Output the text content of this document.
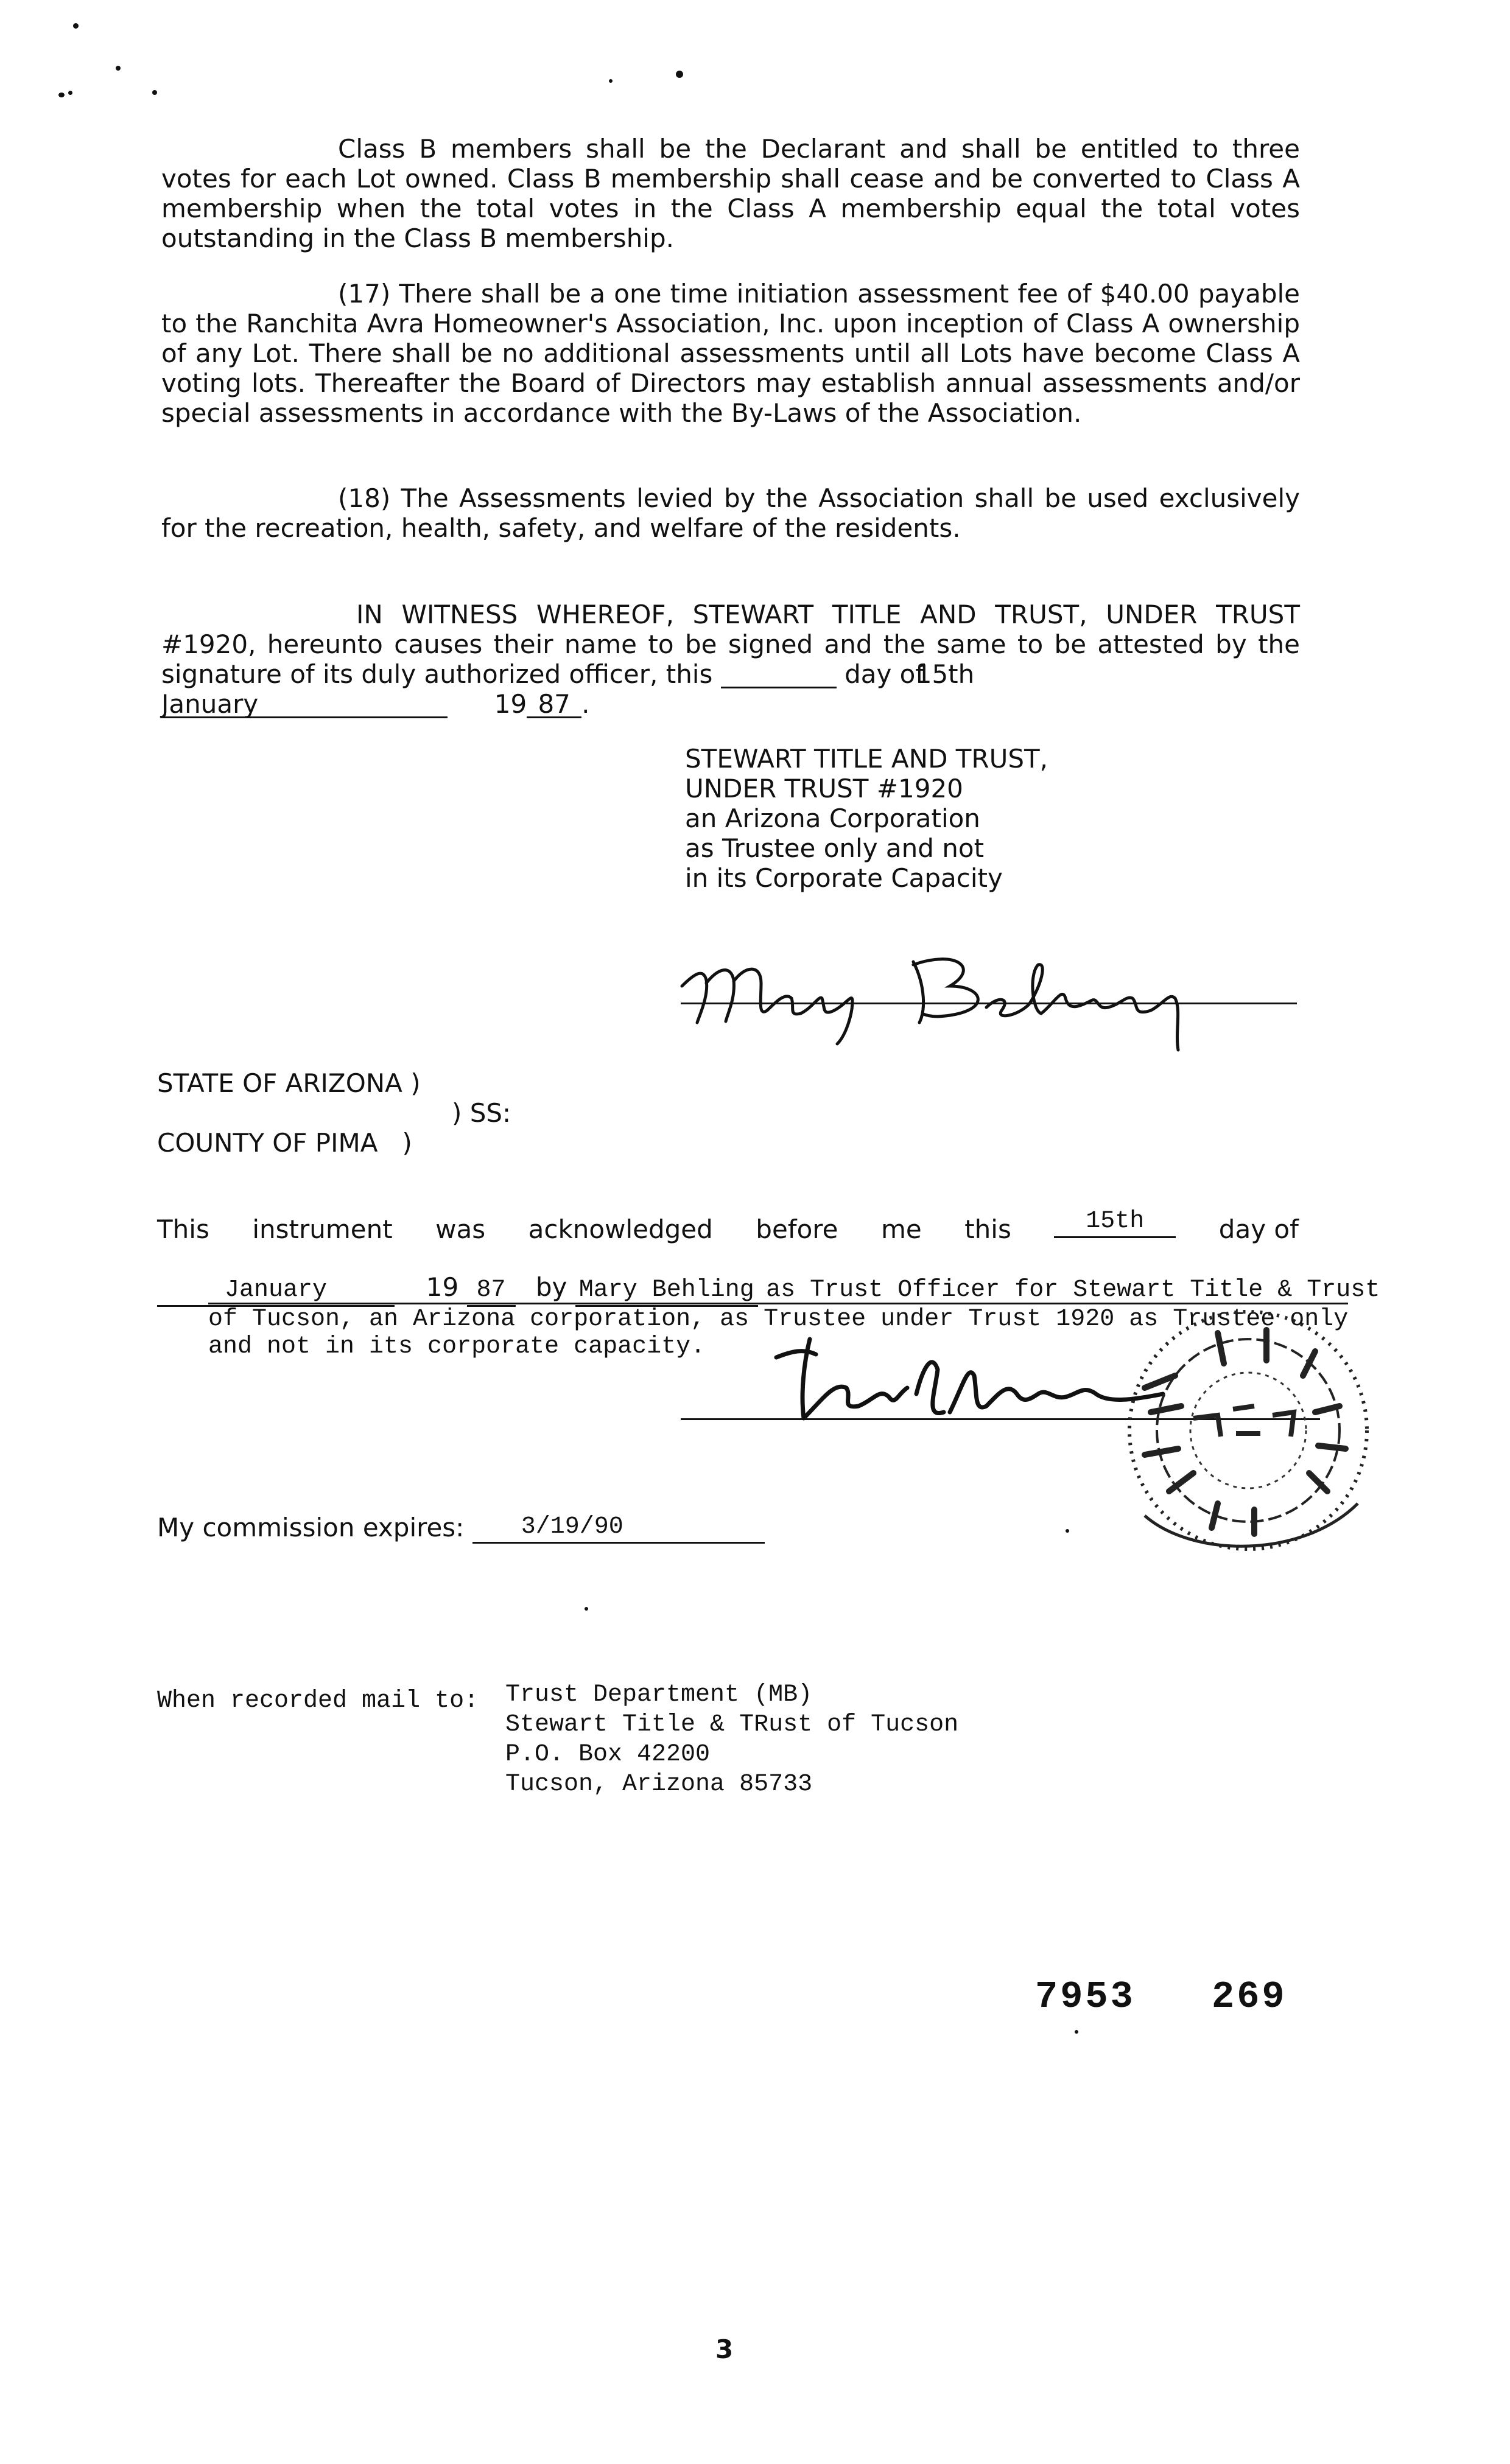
Class B members shall be the Declarant and shall be entitled to three votes for each Lot owned. Class B membership shall cease and be converted to Class A membership when the total votes in the Class A membership equal the total votes outstanding in the Class B membership.

(17) There shall be a one time initiation assessment fee of $40.00 payable to the Ranchita Avra Homeowner's Association, Inc. upon inception of Class A ownership of any Lot. There shall be no additional assessments until all Lots have become Class A voting lots. Thereafter the Board of Directors may establish annual assessments and/or special assessments in accordance with the By-Laws of the Association.

(18) The Assessments levied by the Association shall be used exclusively for the recreation, health, safety, and welfare of the residents.

IN WITNESS WHEREOF, STEWART TITLE AND TRUST, UNDER TRUST #1920, hereunto causes their name to be signed and the same to be attested by the signature of its duly authorized officer, this	15th day of

January	19 87 .
STEWART TITLE AND TRUST,
UNDER TRUST #1920
an Arizona Corporation
as Trustee only and not
in its Corporate Capacity
STATE OF ARIZONA )
) SS:
COUNTY OF PIMA   )
This instrument was acknowledged before me this	15th	day of
January	19 87 by Mary Behling as Trust Officer for Stewart Title & Trust
of Tucson, an Arizona corporation, as Trustee under Trust 1920 as Trustee only
and not in its corporate capacity.
My commission expires: 3/19/90
When recorded mail to: Trust Department (MB)
Stewart Title & TRust of Tucson
P.O. Box 42200
Tucson, Arizona 85733
7953 269
3
